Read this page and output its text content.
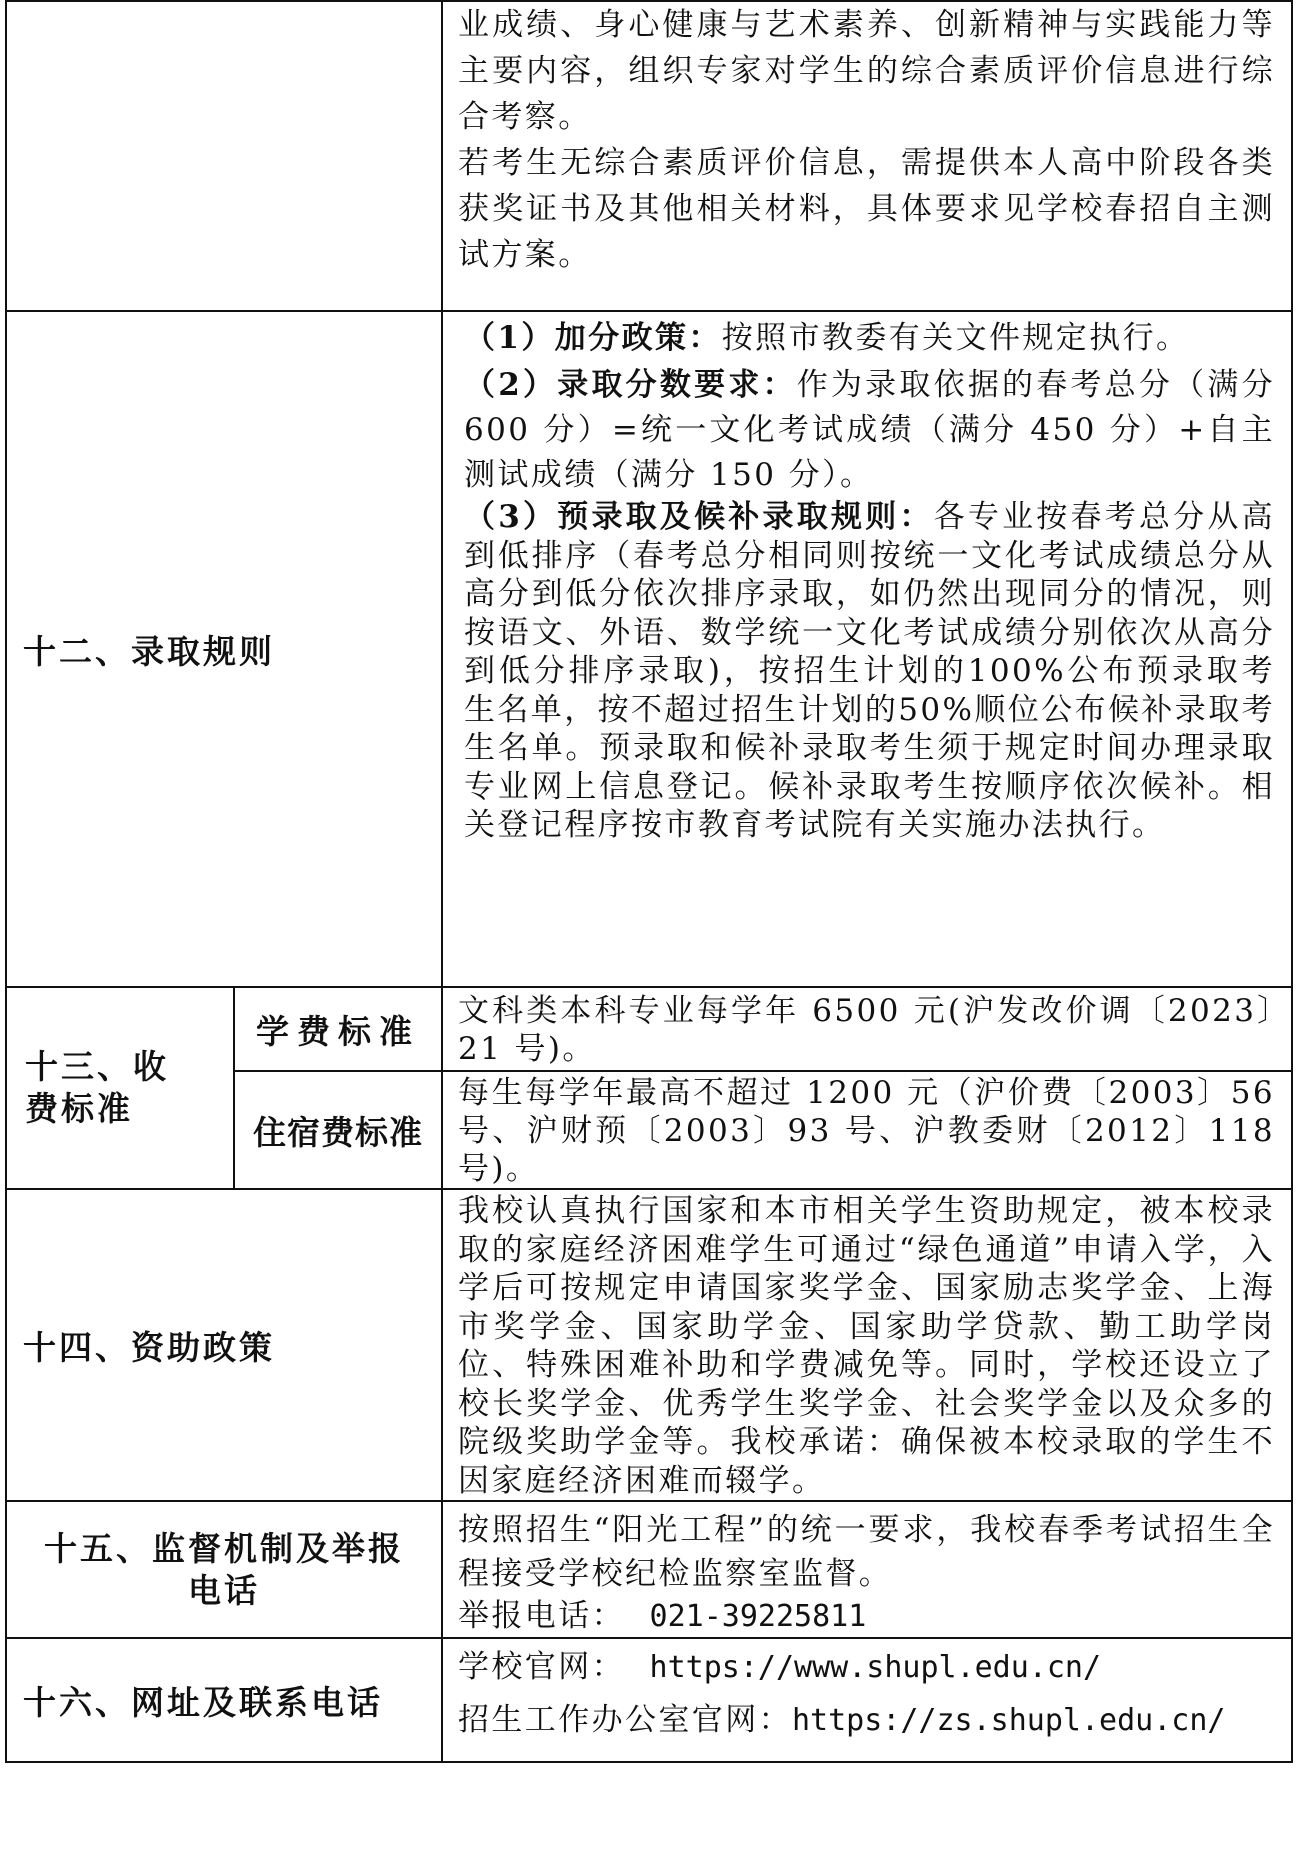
		业成绩、身心健康与艺术素养、创新精神与实践能力等主要内容，组织专家对学生的综合素质评价信息进行综合考察。

若考生无综合素质评价信息，需提供本人高中阶段各类获奖证书及其他相关材料，具体要求见学校春招自主测试方案。

十二、录取规则		（1）加分政策：按照市教委有关文件规定执行。

（2）录取分数要求：作为录取依据的春考总分（满分 600 分）=统一文化考试成绩（满分 450 分）+自主测试成绩（满分 150 分）。

（3）预录取及候补录取规则：各专业按春考总分从高到低排序（春考总分相同则按统一文化考试成绩总分从高分到低分依次排序录取，如仍然出现同分的情况，则按语文、外语、数学统一文化考试成绩分别依次从高分到低分排序录取)，按招生计划的100%公布预录取考生名单，按不超过招生计划的50%顺位公布候补录取考生名单。预录取和候补录取考生须于规定时间办理录取专业网上信息登记。候补录取考生按顺序依次候补。相关登记程序按市教育考试院有关实施办法执行。

十三、收费标准	学费标准	文科类本科专业每学年 6500 元(沪发改价调〔2023〕21 号)。

	住宿费标准	每生每学年最高不超过 1200 元（沪价费〔2003〕56 号、沪财预〔2003〕93 号、沪教委财〔2012〕118 号)。

十四、资助政策		我校认真执行国家和本市相关学生资助规定，被本校录取的家庭经济困难学生可通过“绿色通道”申请入学，入学后可按规定申请国家奖学金、国家励志奖学金、上海市奖学金、国家助学金、国家助学贷款、勤工助学岗位、特殊困难补助和学费减免等。同时，学校还设立了校长奖学金、优秀学生奖学金、社会奖学金以及众多的院级奖助学金等。我校承诺：确保被本校录取的学生不因家庭经济困难而辍学。

十五、监督机制及举报电话		按照招生“阳光工程”的统一要求，我校春季考试招生全程接受学校纪检监察室监督。

举报电话： 021-39225811

十六、网址及联系电话		学校官网： https://www.shupl.edu.cn/

招生工作办公室官网：https://zs.shupl.edu.cn/
